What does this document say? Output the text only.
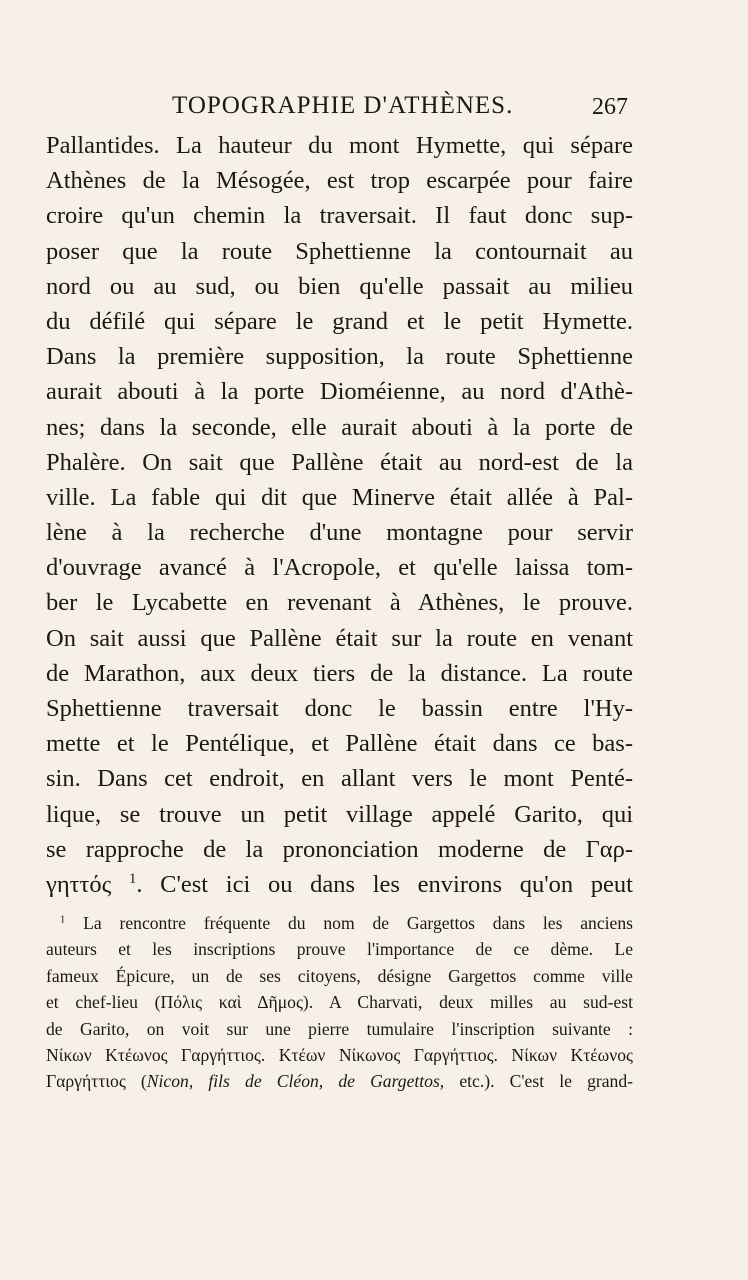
TOPOGRAPHIE D'ATHÈNES.	267
Pallantides. La hauteur du mont Hymette, qui sépare
Athènes de la Mésogée, est trop escarpée pour faire
croire qu'un chemin la traversait. Il faut donc sup-
poser que la route Sphettienne la contournait au
nord ou au sud, ou bien qu'elle passait au milieu
du défilé qui sépare le grand et le petit Hymette.
Dans la première supposition, la route Sphettienne
aurait abouti à la porte Dioméienne, au nord d'Athè-
nes; dans la seconde, elle aurait abouti à la porte de
Phalère. On sait que Pallène était au nord-est de la
ville. La fable qui dit que Minerve était allée à Pal-
lène à la recherche d'une montagne pour servir
d'ouvrage avancé à l'Acropole, et qu'elle laissa tom-
ber le Lycabette en revenant à Athènes, le prouve.
On sait aussi que Pallène était sur la route en venant
de Marathon, aux deux tiers de la distance. La route
Sphettienne traversait donc le bassin entre l'Hy-
mette et le Pentélique, et Pallène était dans ce bas-
sin. Dans cet endroit, en allant vers le mont Penté-
lique, se trouve un petit village appelé Garito, qui
se rapproche de la prononciation moderne de Γαρ-
γηττός $^1$. C'est ici ou dans les environs qu'on peut
$^1$ La rencontre fréquente du nom de Gargettos dans les anciens
auteurs et les inscriptions prouve l'importance de ce dème. Le
fameux Épicure, un de ses citoyens, désigne Gargettos comme ville
et chef-lieu (Πόλις καὶ Δῆμος). A Charvati, deux milles au sud-est
de Garito, on voit sur une pierre tumulaire l'inscription suivante :
Νίκων Κτέωνος Γαργήττιος. Κτέων Νίκωνος Γαργήττιος. Νίκων Κτέωνος
Γαργήττιος (Nicon, fils de Cléon, de Gargettos, etc.). C'est le grand-
